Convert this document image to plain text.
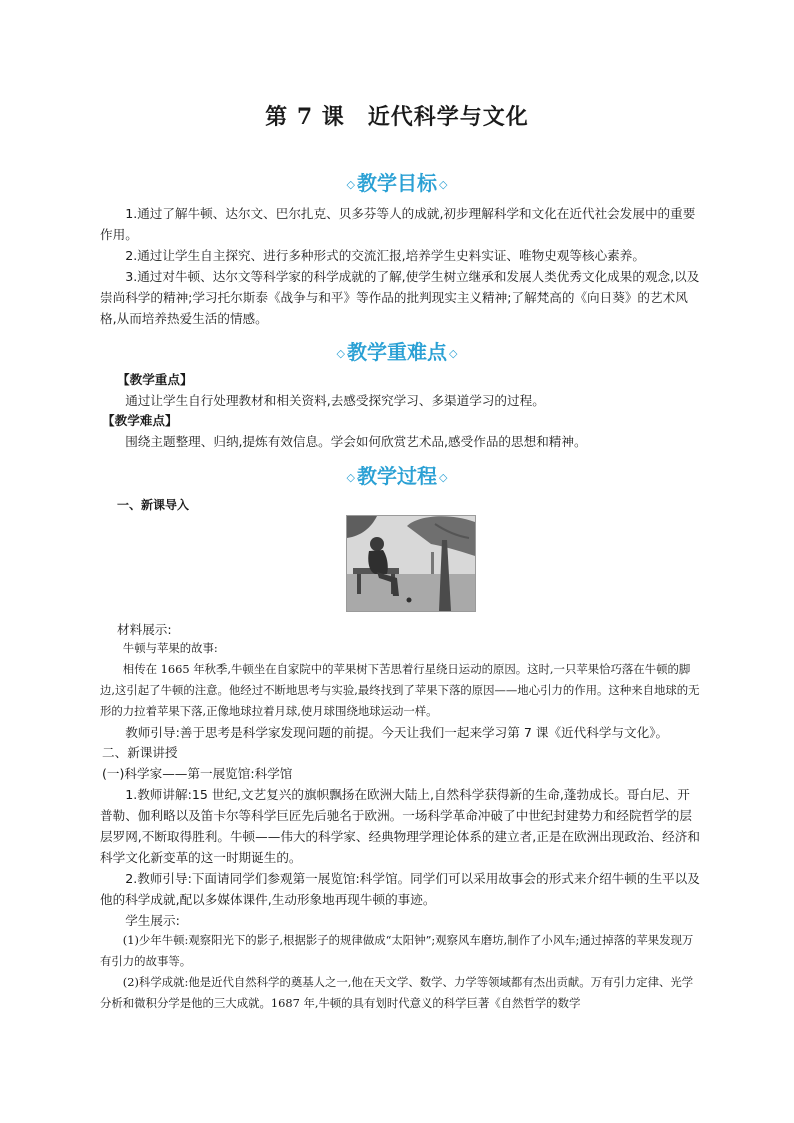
第 7 课　近代科学与文化
◇ 教学目标 ◇

1.通过了解牛顿、达尔文、巴尔扎克、贝多芬等人的成就,初步理解科学和文化在近代社会发展中的重要作用。

2.通过让学生自主探究、进行多种形式的交流汇报,培养学生史料实证、唯物史观等核心素养。

3.通过对牛顿、达尔文等科学家的科学成就的了解,使学生树立继承和发展人类优秀文化成果的观念,以及崇尚科学的精神;学习托尔斯泰《战争与和平》等作品的批判现实主义精神;了解梵高的《向日葵》的艺术风格,从而培养热爱生活的情感。

◇ 教学重难点 ◇

【教学重点】

通过让学生自行处理教材和相关资料,去感受探究学习、多渠道学习的过程。

【教学难点】

围绕主题整理、归纳,提炼有效信息。学会如何欣赏艺术品,感受作品的思想和精神。

◇ 教学过程 ◇

一、新课导入

材料展示:

牛顿与苹果的故事:

相传在 1665 年秋季,牛顿坐在自家院中的苹果树下苦思着行星绕日运动的原因。这时,一只苹果恰巧落在牛顿的脚边,这引起了牛顿的注意。他经过不断地思考与实验,最终找到了苹果下落的原因——地心引力的作用。这种来自地球的无形的力拉着苹果下落,正像地球拉着月球,使月球围绕地球运动一样。

教师引导:善于思考是科学家发现问题的前提。今天让我们一起来学习第 7 课《近代科学与文化》。

二、新课讲授

(一)科学家——第一展览馆:科学馆

1.教师讲解:15 世纪,文艺复兴的旗帜飘扬在欧洲大陆上,自然科学获得新的生命,蓬勃成长。哥白尼、开普勒、伽利略以及笛卡尔等科学巨匠先后驰名于欧洲。一场科学革命冲破了中世纪封建势力和经院哲学的层层罗网,不断取得胜利。牛顿——伟大的科学家、经典物理学理论体系的建立者,正是在欧洲出现政治、经济和科学文化新变革的这一时期诞生的。

2.教师引导:下面请同学们参观第一展览馆:科学馆。同学们可以采用故事会的形式来介绍牛顿的生平以及他的科学成就,配以多媒体课件,生动形象地再现牛顿的事迹。

学生展示:

(1)少年牛顿:观察阳光下的影子,根据影子的规律做成“太阳钟”;观察风车磨坊,制作了小风车;通过掉落的苹果发现万有引力的故事等。

(2)科学成就:他是近代自然科学的奠基人之一,他在天文学、数学、力学等领域都有杰出贡献。万有引力定律、光学分析和微积分学是他的三大成就。1687 年,牛顿的具有划时代意义的科学巨著《自然哲学的数学
